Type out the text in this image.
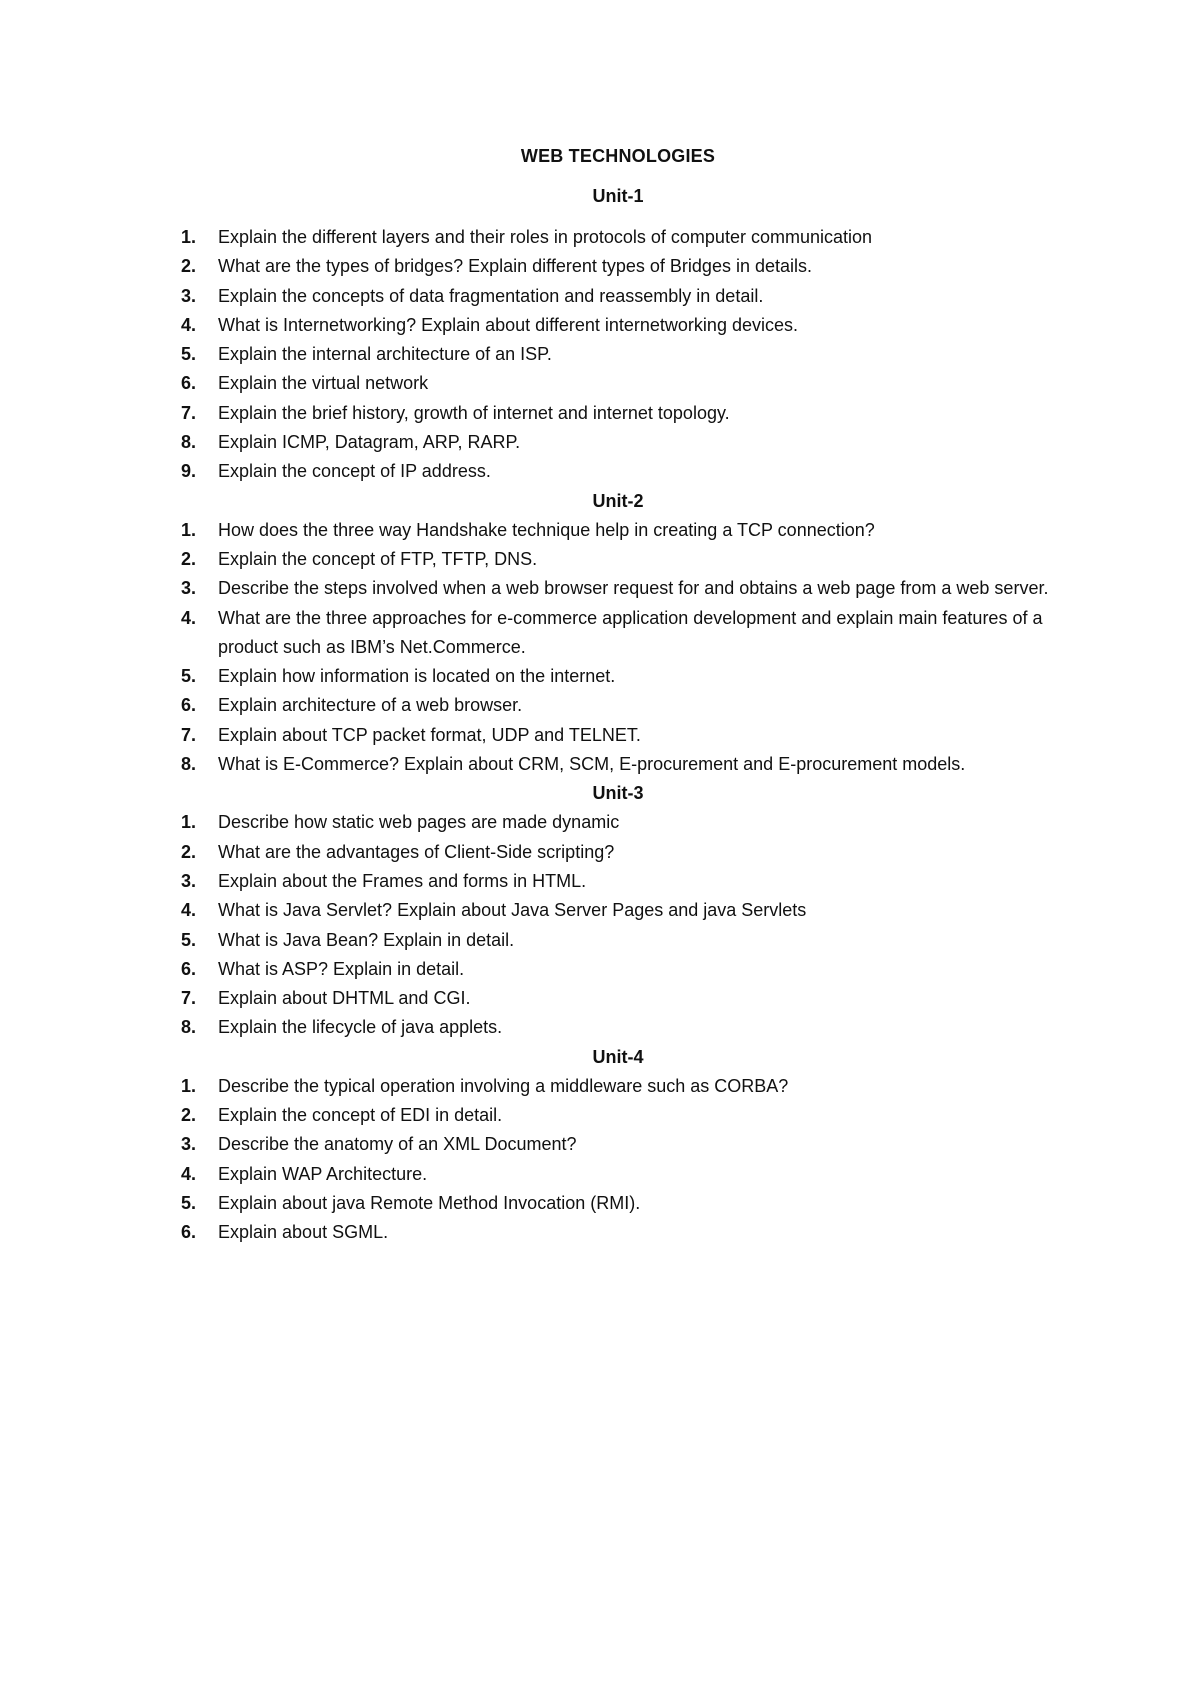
WEB TECHNOLOGIES
Unit-1
1. Explain the different layers and their roles in protocols of computer communication
2. What are the types of bridges? Explain different types of Bridges in details.
3. Explain the concepts of data fragmentation and reassembly in detail.
4. What is Internetworking? Explain about different internetworking devices.
5. Explain the internal architecture of an ISP.
6. Explain the virtual network
7. Explain the brief history, growth of internet and internet topology.
8. Explain ICMP, Datagram, ARP, RARP.
9. Explain the concept of IP address.
Unit-2
1. How does the three way Handshake technique help in creating a TCP connection?
2. Explain the concept of FTP, TFTP, DNS.
3. Describe the steps involved when a web browser request for and obtains a web page from a web server.
4. What are the three approaches for e-commerce application development and explain main features of a product such as IBM’s Net.Commerce.
5. Explain how information is located on the internet.
6. Explain architecture of a web browser.
7. Explain about TCP packet format, UDP and TELNET.
8. What is E-Commerce? Explain about CRM, SCM, E-procurement and E-procurement models.
Unit-3
1. Describe how static web pages are made dynamic
2. What are the advantages of Client-Side scripting?
3. Explain about the Frames and forms in HTML.
4. What is Java Servlet? Explain about Java Server Pages and java Servlets
5. What is Java Bean? Explain in detail.
6. What is ASP? Explain in detail.
7. Explain about DHTML and CGI.
8. Explain the lifecycle of java applets.
Unit-4
1. Describe the typical operation involving a middleware such as CORBA?
2. Explain the concept of EDI in detail.
3. Describe the anatomy of an XML Document?
4. Explain WAP Architecture.
5. Explain about java Remote Method Invocation (RMI).
6. Explain about SGML.
